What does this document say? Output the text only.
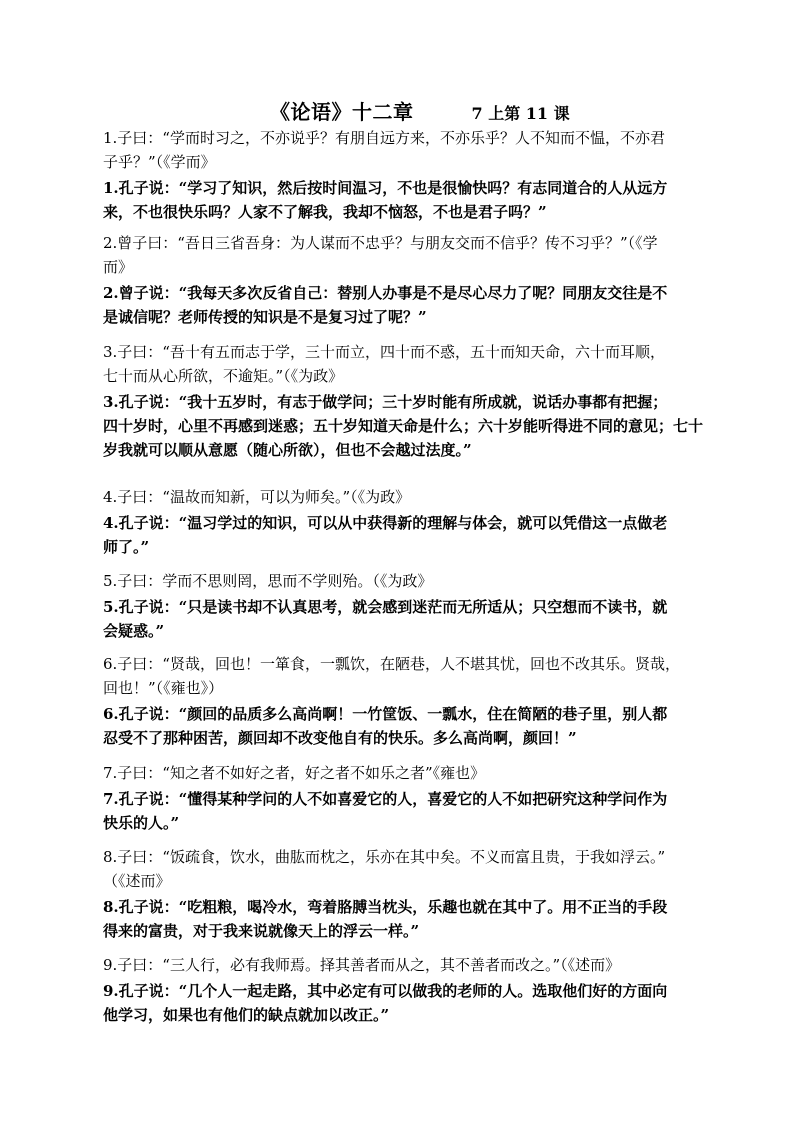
《论语》十二章	7 上第 11 课

1.子曰：“学而时习之，不亦说乎？有朋自远方来，不亦乐乎？人不知而不愠，不亦君

子乎？”（《学而》

1.孔子说：“学习了知识，然后按时间温习，不也是很愉快吗？有志同道合的人从远方

来，不也很快乐吗？人家不了解我，我却不恼怒，不也是君子吗？”

2.曾子曰：“吾日三省吾身：为人谋而不忠乎？与朋友交而不信乎？传不习乎？”（《学

而》

2.曾子说：“我每天多次反省自己：替别人办事是不是尽心尽力了呢？同朋友交往是不

是诚信呢？老师传授的知识是不是复习过了呢？”

3.子曰：“吾十有五而志于学，三十而立，四十而不惑，五十而知天命，六十而耳顺，

七十而从心所欲，不逾矩。”（《为政》

3.孔子说：“我十五岁时，有志于做学问；三十岁时能有所成就，说话办事都有把握；

四十岁时，心里不再感到迷惑；五十岁知道天命是什么；六十岁能听得进不同的意见；七十

岁我就可以顺从意愿（随心所欲），但也不会越过法度。”

4.子曰：“温故而知新，可以为师矣。”（《为政》

4.孔子说：“温习学过的知识，可以从中获得新的理解与体会，就可以凭借这一点做老

师了。”

5.子曰：学而不思则罔，思而不学则殆。（《为政》

5.孔子说：“只是读书却不认真思考，就会感到迷茫而无所适从；只空想而不读书，就

会疑惑。”

6.子曰：“贤哉，回也！一箪食，一瓢饮，在陋巷，人不堪其忧，回也不改其乐。贤哉，

回也！”（《雍也》）

6.孔子说：“颜回的品质多么高尚啊！一竹筐饭、一瓢水，住在简陋的巷子里，别人都

忍受不了那种困苦，颜回却不改变他自有的快乐。多么高尚啊，颜回！”

7.子曰：“知之者不如好之者，好之者不如乐之者”《雍也》

7.孔子说：“懂得某种学问的人不如喜爱它的人，喜爱它的人不如把研究这种学问作为

快乐的人。”

8.子曰：“饭疏食，饮水，曲肱而枕之，乐亦在其中矣。不义而富且贵，于我如浮云。”

（《述而》

8.孔子说：“吃粗粮，喝冷水，弯着胳膊当枕头，乐趣也就在其中了。用不正当的手段

得来的富贵，对于我来说就像天上的浮云一样。”

9.子曰：“三人行，必有我师焉。择其善者而从之，其不善者而改之。”（《述而》

9.孔子说：“几个人一起走路，其中必定有可以做我的老师的人。选取他们好的方面向

他学习，如果也有他们的缺点就加以改正。”
